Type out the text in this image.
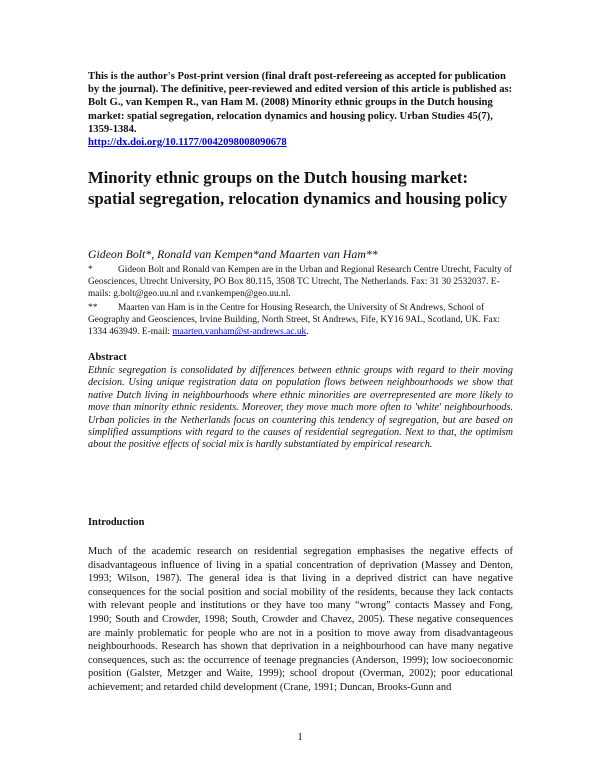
This is the author's Post-print version (final draft post-refereeing as accepted for publication by the journal). The definitive, peer-reviewed and edited version of this article is published as: Bolt G., van Kempen R., van Ham M. (2008) Minority ethnic groups in the Dutch housing market: spatial segregation, relocation dynamics and housing policy. Urban Studies 45(7), 1359-1384.
http://dx.doi.org/10.1177/0042098008090678

Minority ethnic groups on the Dutch housing market: spatial segregation, relocation dynamics and housing policy

Gideon Bolt*, Ronald van Kempen*and Maarten van Ham**

*	Gideon Bolt and Ronald van Kempen are in the Urban and Regional Research Centre Utrecht, Faculty of Geosciences, Utrecht University, PO Box 80.115, 3508 TC Utrecht, The Netherlands. Fax: 31 30 2532037. E-mails: g.bolt@geo.uu.nl and r.vankempen@geo.uu.nl.

** Maarten van Ham is in the Centre for Housing Research, the University of St Andrews, School of Geography and Geosciences, Irvine Building, North Street, St Andrews, Fife, KY16 9AL, Scotland, UK. Fax: 1334 463949. E-mail: maarten.vanham@st-andrews.ac.uk.

Abstract

Ethnic segregation is consolidated by differences between ethnic groups with regard to their moving decision. Using unique registration data on population flows between neighbourhoods we show that native Dutch living in neighbourhoods where ethnic minorities are overrepresented are more likely to move than minority ethnic residents. Moreover, they move much more often to 'white' neighbourhoods. Urban policies in the Netherlands focus on countering this tendency of segregation, but are based on simplified assumptions with regard to the causes of residential segregation. Next to that, the optimism about the positive effects of social mix is hardly substantiated by empirical research.

Introduction

Much of the academic research on residential segregation emphasises the negative effects of disadvantageous influence of living in a spatial concentration of deprivation (Massey and Denton, 1993; Wilson, 1987). The general idea is that living in a deprived district can have negative consequences for the social position and social mobility of the residents, because they lack contacts with relevant people and institutions or they have too many “wrong” contacts Massey and Fong, 1990; South and Crowder, 1998; South, Crowder and Chavez, 2005). These negative consequences are mainly problematic for people who are not in a position to move away from disadvantageous neighbourhoods. Research has shown that deprivation in a neighbourhood can have many negative consequences, such as: the occurrence of teenage pregnancies (Anderson, 1999); low socioeconomic position (Galster, Metzger and Waite, 1999); school dropout (Overman, 2002); poor educational achievement; and retarded child development (Crane, 1991; Duncan, Brooks-Gunn and

1
